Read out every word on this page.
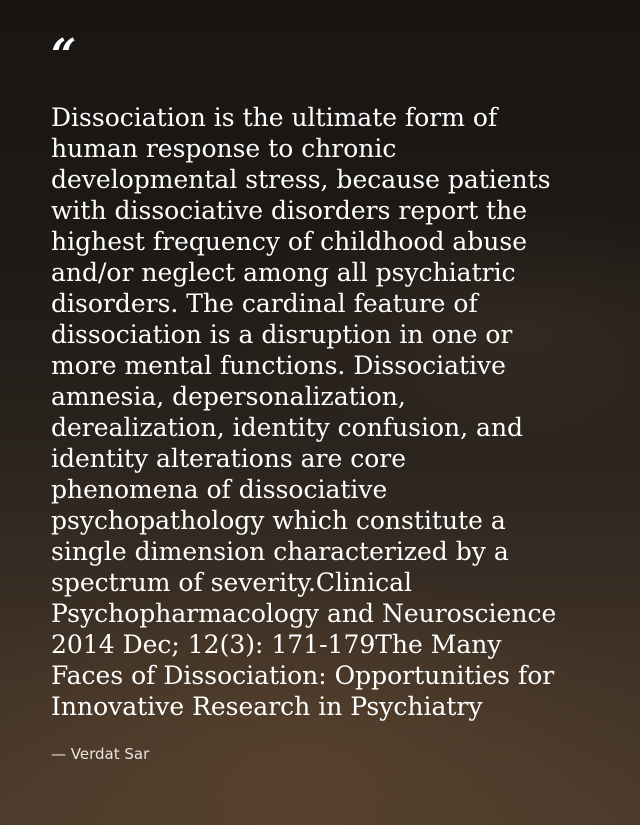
“

Dissociation is the ultimate form of
human response to chronic
developmental stress, because patients
with dissociative disorders report the
highest frequency of childhood abuse
and/or neglect among all psychiatric
disorders. The cardinal feature of
dissociation is a disruption in one or
more mental functions. Dissociative
amnesia, depersonalization,
derealization, identity confusion, and
identity alterations are core
phenomena of dissociative
psychopathology which constitute a
single dimension characterized by a
spectrum of severity.Clinical
Psychopharmacology and Neuroscience
2014 Dec; 12(3): 171-179The Many
Faces of Dissociation: Opportunities for
Innovative Research in Psychiatry

— Verdat Sar
